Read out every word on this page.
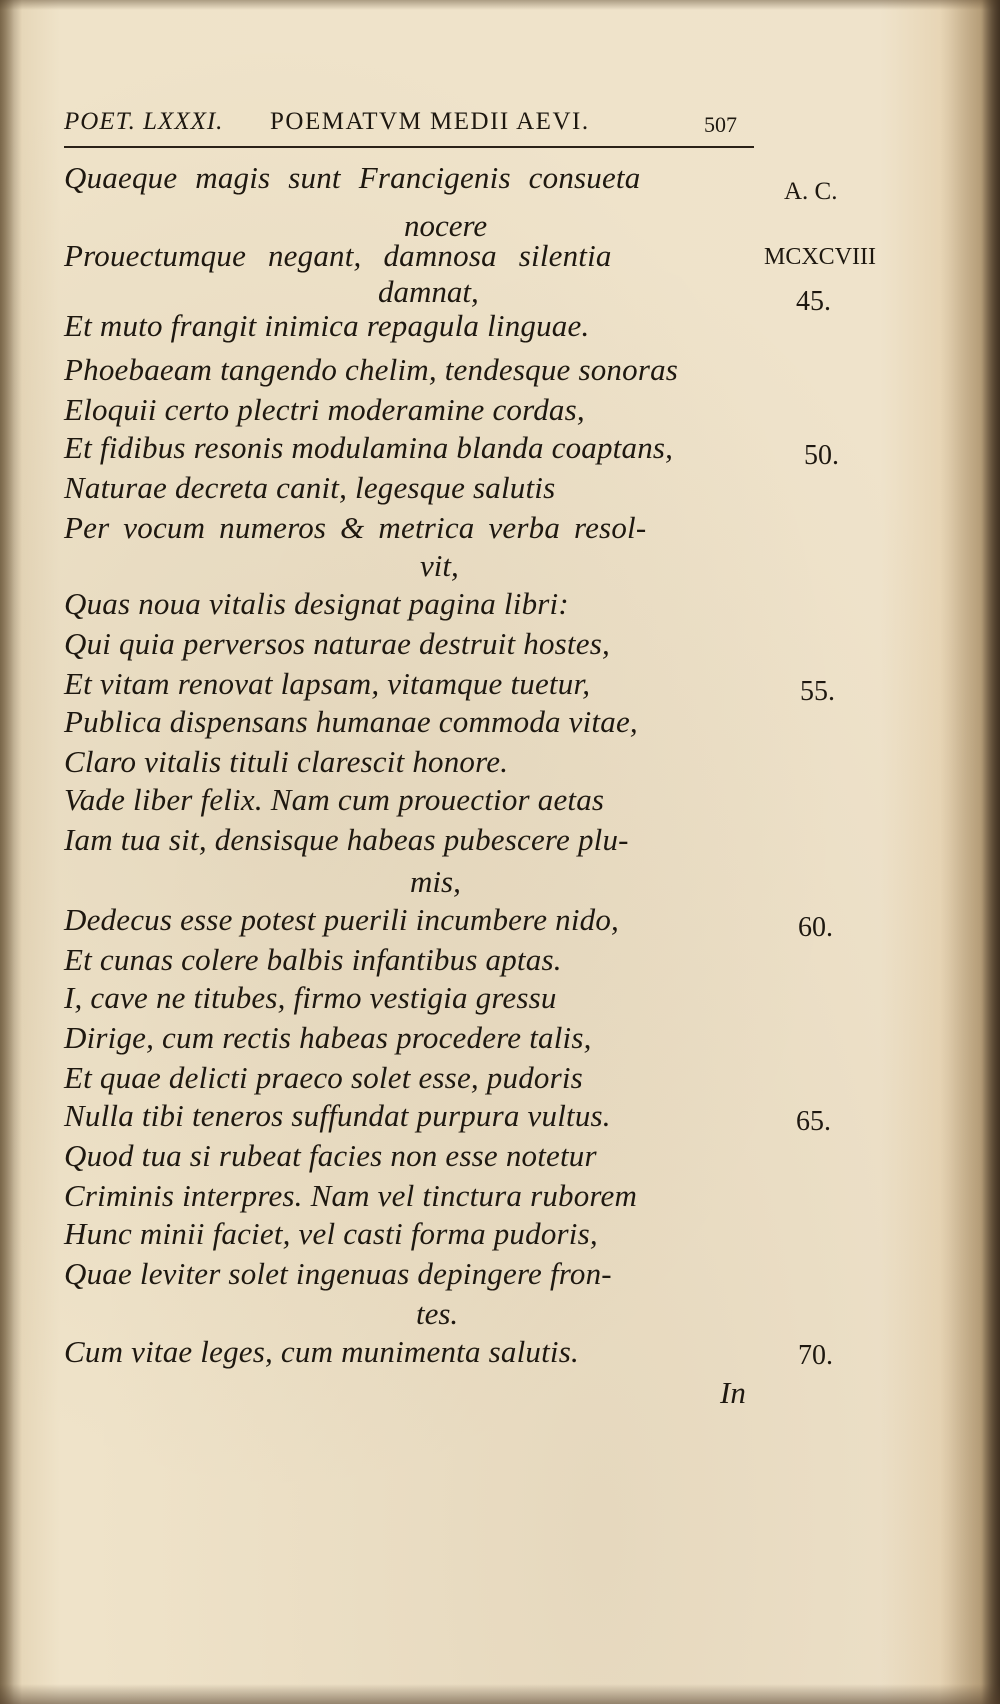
POET. LXXXI. POEMATVM MEDII AEVI.	507
A. C.
MCXCVIII
Quaeque magis sunt Francigenis consueta
nocere
Prouectumque negant, damnosa silentia
damnat,
Et muto frangit inimica repagula linguae.
Phoebaeam tangendo chelim, tendesque sonoras
Eloquii certo plectri moderamine cordas,
Et fidibus resonis modulamina blanda coaptans,
Naturae decreta canit, legesque salutis
Per vocum numeros & metrica verba resol-
vit,
Quas noua vitalis designat pagina libri:
Qui quia perversos naturae destruit hostes,
Et vitam renovat lapsam, vitamque tuetur,
Publica dispensans humanae commoda vitae,
Claro vitalis tituli clarescit honore.
Vade liber felix. Nam cum prouectior aetas
Iam tua sit, densisque habeas pubescere plu-
mis,
Dedecus esse potest puerili incumbere nido,
Et cunas colere balbis infantibus aptas.
I, cave ne titubes, firmo vestigia gressu
Dirige, cum rectis habeas procedere talis,
Et quae delicti praeco solet esse, pudoris
Nulla tibi teneros suffundat purpura vultus.
Quod tua si rubeat facies non esse notetur
Criminis interpres. Nam vel tinctura ruborem
Hunc minii faciet, vel casti forma pudoris,
Quae leviter solet ingenuas depingere fron-
tes.
Cum vitae leges, cum munimenta salutis.
45.
50.
55.
60.
65.
70.
In
